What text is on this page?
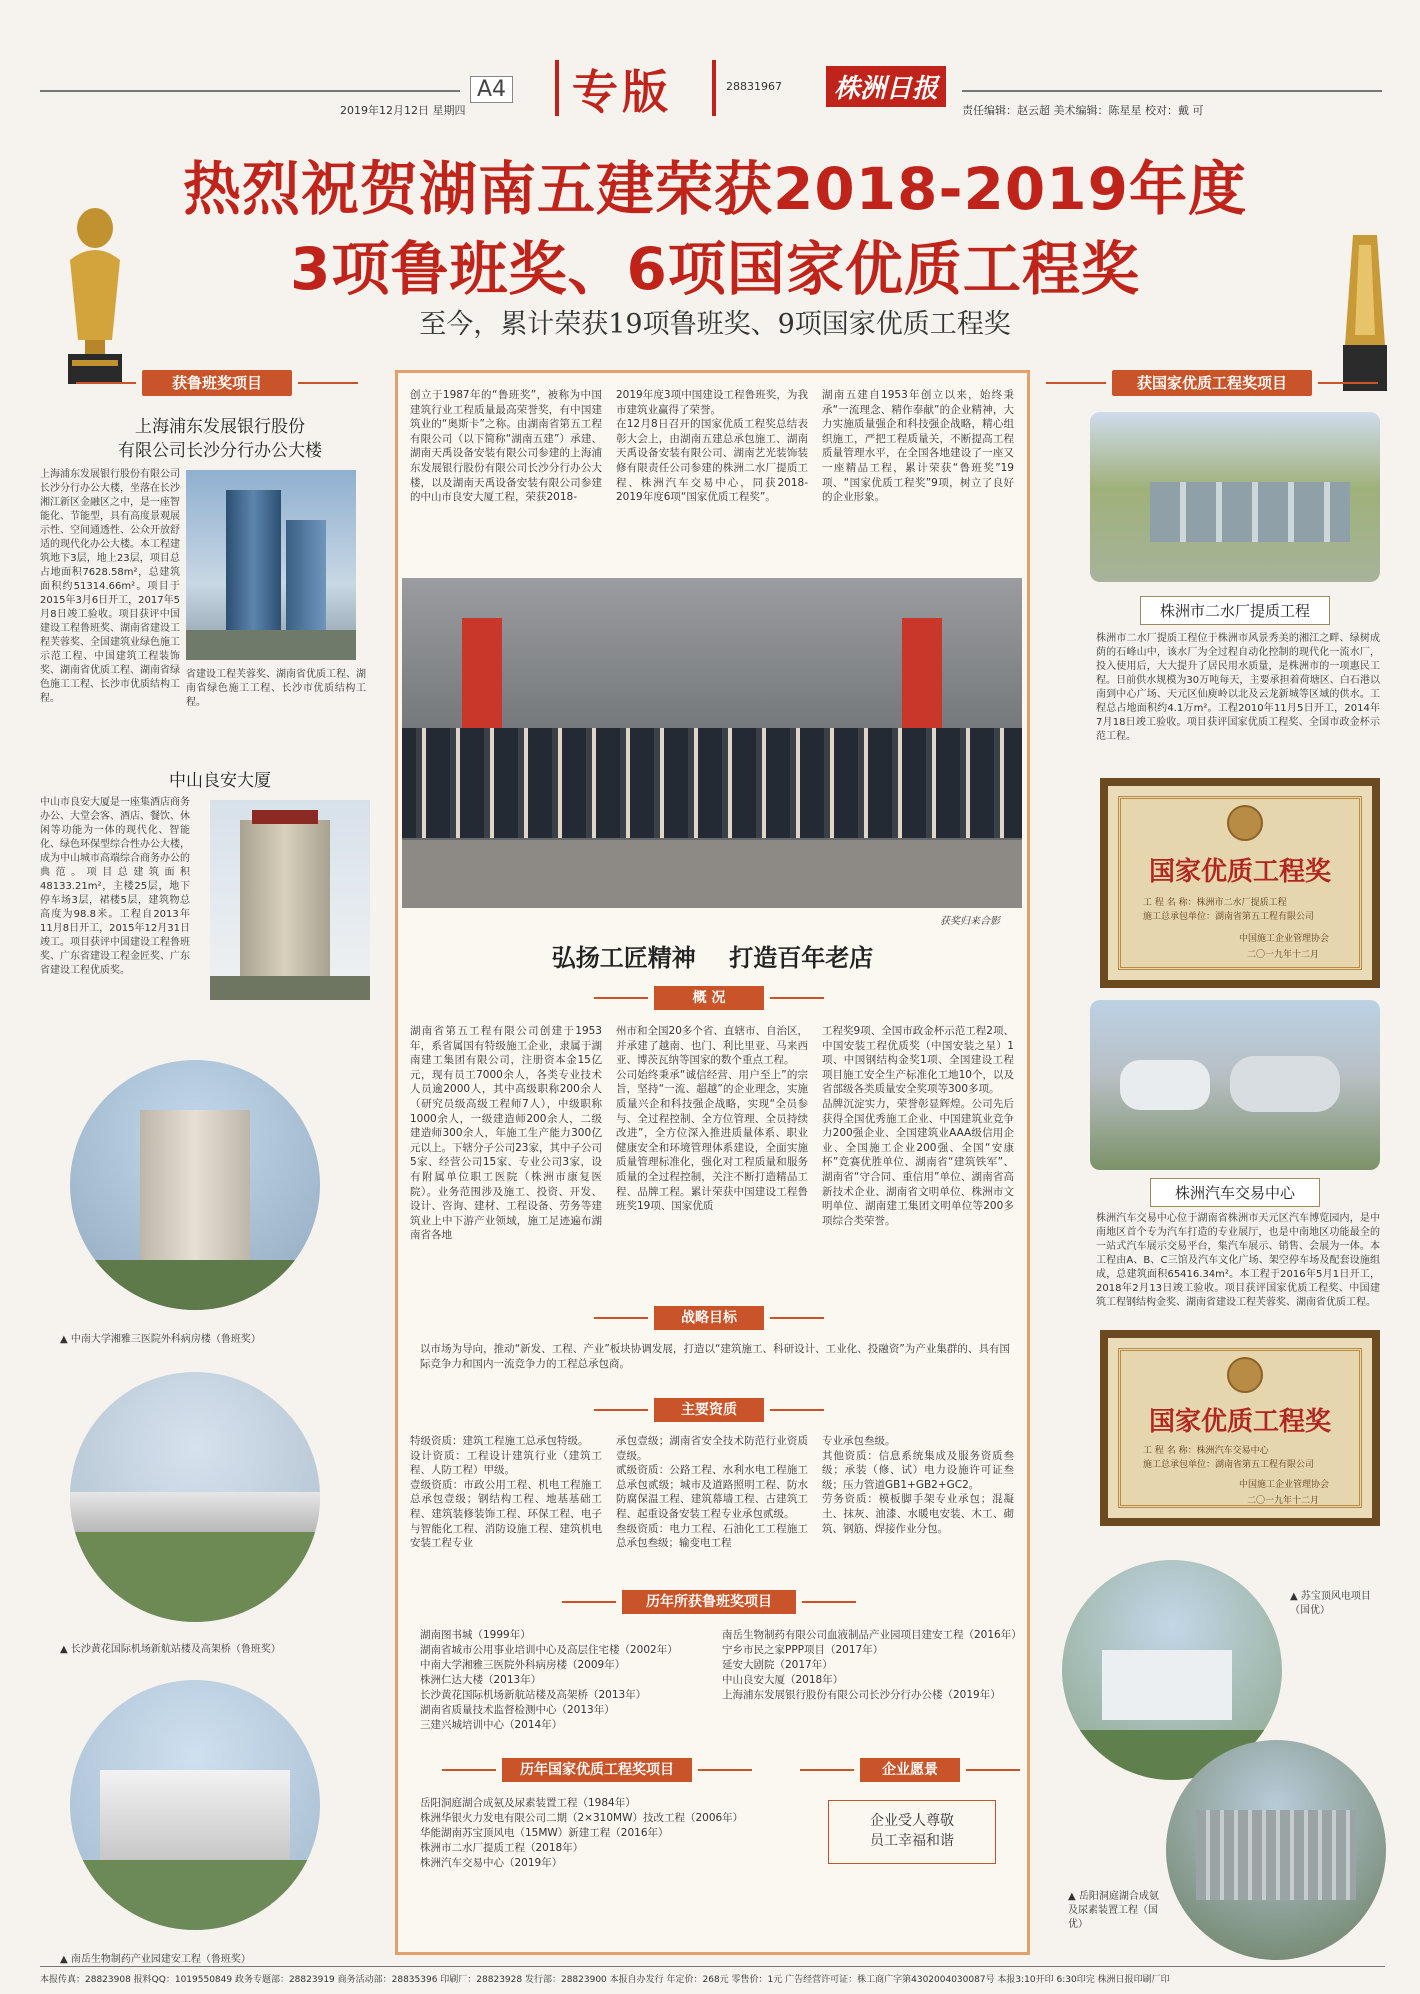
2019年12月12日 星期四
A4 专版	28831967	株洲日报
责任编辑：赵云超 美术编辑：陈星星 校对：戴 可
热烈祝贺湖南五建荣获2018-2019年度
3项鲁班奖、6项国家优质工程奖
至今，累计荣获19项鲁班奖、9项国家优质工程奖
获鲁班奖项目
上海浦东发展银行股份
有限公司长沙分行办公大楼
上海浦东发展银行股份有限公司长沙分行办公大楼，坐落在长沙湘江新区金融区之中，是一座智能化、节能型，具有高度景观展示性、空间通透性、公众开放舒适的现代化办公大楼。本工程建筑地下3层，地上23层，项目总占地面积7628.58m²，总建筑面积约51314.66m²。项目于2015年3月6日开工，2017年5月8日竣工验收。项目获评中国建设工程鲁班奖、湖南省建设工程芙蓉奖、全国建筑业绿色施工示范工程、中国建筑工程装饰奖、湖南省优质工程、湖南省绿色施工工程、长沙市优质结构工程。
省建设工程芙蓉奖、湖南省优质工程、湖南省绿色施工工程、长沙市优质结构工程。
中山良安大厦
中山市良安大厦是一座集酒店商务办公、大堂会客、酒店、餐饮、休闲等功能为一体的现代化、智能化、绿色环保型综合性办公大楼，成为中山城市高端综合商务办公的典范。项目总建筑面积48133.21m²，主楼25层，地下停车场3层，裙楼5层，建筑物总高度为98.8米。工程自2013年11月8日开工，2015年12月31日竣工。项目获评中国建设工程鲁班奖、广东省建设工程金匠奖、广东省建设工程优质奖。
▲ 中南大学湘雅三医院外科病房楼（鲁班奖）
▲ 长沙黄花国际机场新航站楼及高架桥（鲁班奖）
▲ 南岳生物制药产业园建安工程（鲁班奖）
创立于1987年的“鲁班奖”，被称为中国建筑行业工程质量最高荣誉奖，有中国建筑业的“奥斯卡”之称。由湖南省第五工程有限公司（以下简称“湖南五建”）承建、湖南天禹设备安装有限公司参建的上海浦东发展银行股份有限公司长沙分行办公大楼，以及湖南天禹设备安装有限公司参建的中山市良安大厦工程，荣获2018-
2019年度3项中国建设工程鲁班奖，为我市建筑业赢得了荣誉。
在12月8日召开的国家优质工程奖总结表彰大会上，由湖南五建总承包施工、湖南天禹设备安装有限公司、湖南艺光装饰装修有限责任公司参建的株洲二水厂提质工程、株洲汽车交易中心，同获2018-2019年度6项“国家优质工程奖”。
湖南五建自1953年创立以来，始终秉承“一流理念、精作奉献”的企业精神，大力实施质量强企和科技强企战略，精心组织施工，严把工程质量关，不断提高工程质量管理水平，在全国各地建设了一座又一座精品工程，累计荣获“鲁班奖”19项、“国家优质工程奖”9项，树立了良好的企业形象。
获奖归来合影
弘扬工匠精神    打造百年老店
概 况
湖南省第五工程有限公司创建于1953年，系省属国有特级施工企业，隶属于湖南建工集团有限公司，注册资本金15亿元，现有员工7000余人，各类专业技术人员逾2000人，其中高级职称200余人（研究员级高级工程师7人），中级职称1000余人，一级建造师200余人，二级建造师300余人，年施工生产能力300亿元以上。下辖分子公司23家，其中子公司5家、经营公司15家、专业公司3家，设有附属单位职工医院（株洲市康复医院）。业务范围涉及施工、投资、开发、设计、咨询、建材、工程设备、劳务等建筑业上中下游产业领域，施工足迹遍布湖南省各地
州市和全国20多个省、直辖市、自治区，并承建了越南、也门、利比里亚、马来西亚、博茨瓦纳等国家的数个重点工程。
公司始终秉承“诚信经营、用户至上”的宗旨，坚持“一流、超越”的企业理念，实施质量兴企和科技强企战略，实现“全员参与、全过程控制、全方位管理、全员持续改进”，全方位深入推进质量体系、职业健康安全和环境管理体系建设，全面实施质量管理标准化，强化对工程质量和服务质量的全过程控制，关注不断打造精品工程、品牌工程。累计荣获中国建设工程鲁班奖19项、国家优质
工程奖9项、全国市政金杯示范工程2项、中国安装工程优质奖（中国安装之星）1项、中国钢结构金奖1项、全国建设工程项目施工安全生产标准化工地10个，以及省部级各类质量安全奖项等300多项。
品牌沉淀实力，荣誉彰显辉煌。公司先后获得全国优秀施工企业、中国建筑业竞争力200强企业、全国建筑业AAA级信用企业、全国施工企业200强、全国“安康杯”竞赛优胜单位、湖南省“建筑铁军”、湖南省“守合同、重信用”单位、湖南省高新技术企业、湖南省文明单位、株洲市文明单位、湖南建工集团文明单位等200多项综合类荣誉。
战略目标
以市场为导向，推动“新发、工程、产业”板块协调发展，打造以“建筑施工、科研设计、工业化、投融资”为产业集群的、具有国际竞争力和国内一流竞争力的工程总承包商。
主要资质
特级资质：建筑工程施工总承包特级。
设计资质：工程设计建筑行业（建筑工程、人防工程）甲级。
壹级资质：市政公用工程、机电工程施工总承包壹级；钢结构工程、地基基础工程、建筑装修装饰工程、环保工程、电子与智能化工程、消防设施工程、建筑机电安装工程专业
承包壹级；湖南省安全技术防范行业资质壹级。
贰级资质：公路工程、水利水电工程施工总承包贰级；城市及道路照明工程、防水防腐保温工程、建筑幕墙工程、古建筑工程、起重设备安装工程专业承包贰级。
叁级资质：电力工程、石油化工工程施工总承包叁级；输变电工程
专业承包叁级。
其他资质：信息系统集成及服务资质叁级；承装（修、试）电力设施许可证叁级；压力管道GB1+GB2+GC2。
劳务资质：模板脚手架专业承包；混凝土、抹灰、油漆、水暖电安装、木工、砌筑、钢筋、焊接作业分包。
历年所获鲁班奖项目
湖南图书城（1999年）
湖南省城市公用事业培训中心及高层住宅楼（2002年）
中南大学湘雅三医院外科病房楼（2009年）
株洲仁达大楼（2013年）
长沙黄花国际机场新航站楼及高架桥（2013年）
湖南省质量技术监督检测中心（2013年）
三建兴城培训中心（2014年）
南岳生物制药有限公司血液制品产业园项目建安工程（2016年）
宁乡市民之家PPP项目（2017年）
延安大剧院（2017年）
中山良安大厦（2018年）
上海浦东发展银行股份有限公司长沙分行办公楼（2019年）
历年国家优质工程奖项目	企业愿景
岳阳洞庭湖合成氨及尿素装置工程（1984年）
株洲华银火力发电有限公司二期（2×310MW）技改工程（2006年）
华能湖南苏宝顶风电（15MW）新建工程（2016年）
株洲市二水厂提质工程（2018年）
株洲汽车交易中心（2019年）
企业受人尊敬
员工幸福和谐
获国家优质工程奖项目
株洲市二水厂提质工程
株洲市二水厂提质工程位于株洲市风景秀美的湘江之畔、绿树成荫的石峰山中，该水厂为全过程自动化控制的现代化一流水厂，投入使用后，大大提升了居民用水质量，是株洲市的一项惠民工程。日前供水规模为30万吨每天，主要承担着荷塘区、白石港以南到中心广场、天元区仙庾岭以北及云龙新城等区域的供水。工程总占地面积约4.1万m²。工程2010年11月5日开工，2014年7月18日竣工验收。项目获评国家优质工程奖、全国市政金杯示范工程。
国家优质工程奖
工 程 名 称：株洲市二水厂提质工程
施工总承包单位：湖南省第五工程有限公司
中国施工企业管理协会
二〇一九年十二月
株洲汽车交易中心
株洲汽车交易中心位于湖南省株洲市天元区汽车博览园内，是中南地区首个专为汽车打造的专业展厅，也是中南地区功能最全的一站式汽车展示交易平台，集汽车展示、销售、会展为一体。本工程由A、B、C三馆及汽车文化广场、架空停车场及配套设施组成，总建筑面积65416.34m²。本工程于2016年5月1日开工，2018年2月13日竣工验收。项目获评国家优质工程奖、中国建筑工程钢结构金奖、湖南省建设工程芙蓉奖、湖南省优质工程。
国家优质工程奖
工 程 名 称：株洲汽车交易中心
施工总承包单位：湖南省第五工程有限公司
中国施工企业管理协会
二〇一九年十二月
▲ 苏宝顶风电项目（国优）
▲ 岳阳洞庭湖合成氨及尿素装置工程（国优）
本报传真：28823908 报料QQ：1019550849 政务专题部：28823919 商务活动部：28835396 印刷厂：28823928 发行部：28823900 本报自办发行 年定价：268元 零售价：1元 广告经营许可证：株工商广字第4302004030087号 本报3:10开印 6:30印完 株洲日报印刷厂印
